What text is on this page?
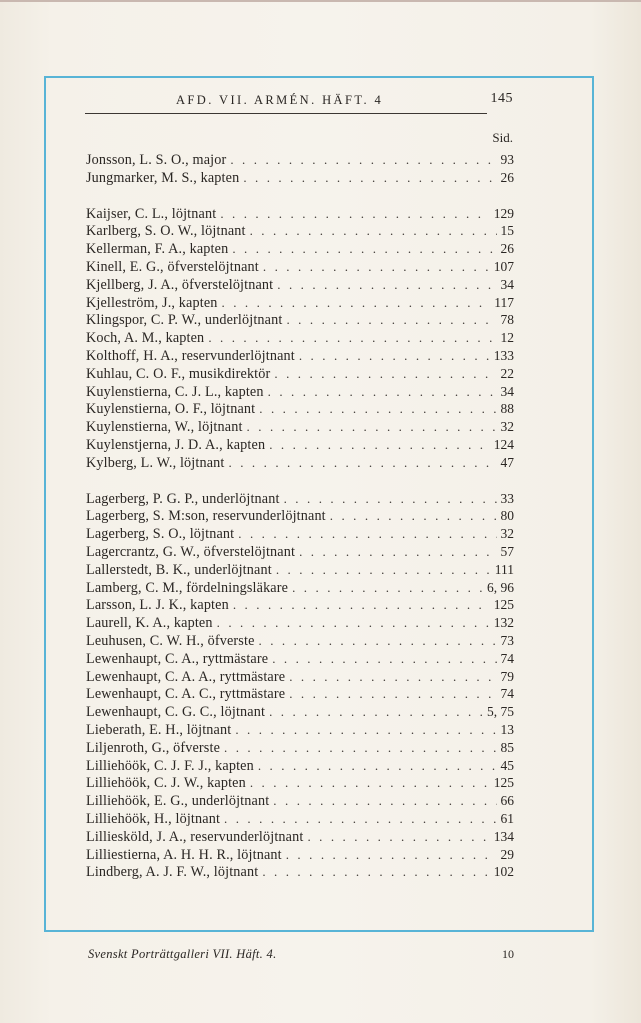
AFD. VII. ARMÉN. HÄFT. 4	145
Sid.
Jonsson, L. S. O., major . . .	93
Jungmarker, M. S., kapten . . .	26
Kaijser, C. L., löjtnant . . .	129
Karlberg, S. O. W., löjtnant . . .	15
Kellerman, F. A., kapten . . .	26
Kinell, E. G., öfverstelöjtnant . . .	107
Kjellberg, J. A., öfverstelöjtnant . . .	34
Kjelleström, J., kapten . . .	117
Klingspor, C. P. W., underlöjtnant . . .	78
Koch, A. M., kapten . . .	12
Kolthoff, H. A., reservunderlöjtnant . . .	133
Kuhlau, C. O. F., musikdirektör . . .	22
Kuylenstierna, C. J. L., kapten . . .	34
Kuylenstierna, O. F., löjtnant . . .	88
Kuylenstierna, W., löjtnant . . .	32
Kuylenstjerna, J. D. A., kapten . . .	124
Kylberg, L. W., löjtnant . . .	47
Lagerberg, P. G. P., underlöjtnant . . .	33
Lagerberg, S. M:son, reservunderlöjtnant . . .	80
Lagerberg, S. O., löjtnant . . .	32
Lagercrantz, G. W., öfverstelöjtnant . . .	57
Lallerstedt, B. K., underlöjtnant . . .	111
Lamberg, C. M., fördelningsläkare . . .	6, 96
Larsson, L. J. K., kapten . . .	125
Laurell, K. A., kapten . . .	132
Leuhusen, C. W. H., öfverste . . .	73
Lewenhaupt, C. A., ryttmästare . . .	74
Lewenhaupt, C. A. A., ryttmästare . . .	79
Lewenhaupt, C. A. C., ryttmästare . . .	74
Lewenhaupt, C. G. C., löjtnant . . .	5, 75
Lieberath, E. H., löjtnant . . .	13
Liljenroth, G., öfverste . . .	85
Lilliehöök, C. J. F. J., kapten . . .	45
Lilliehöök, C. J. W., kapten . . .	125
Lilliehöök, E. G., underlöjtnant . . .	66
Lilliehöök, H., löjtnant . . .	61
Lilliesköld, J. A., reservunderlöjtnant . . .	134
Lilliestierna, A. H. H. R., löjtnant . . .	29
Lindberg, A. J. F. W., löjtnant . . .	102
Svenskt Porträttgalleri VII. Häft. 4.	10
